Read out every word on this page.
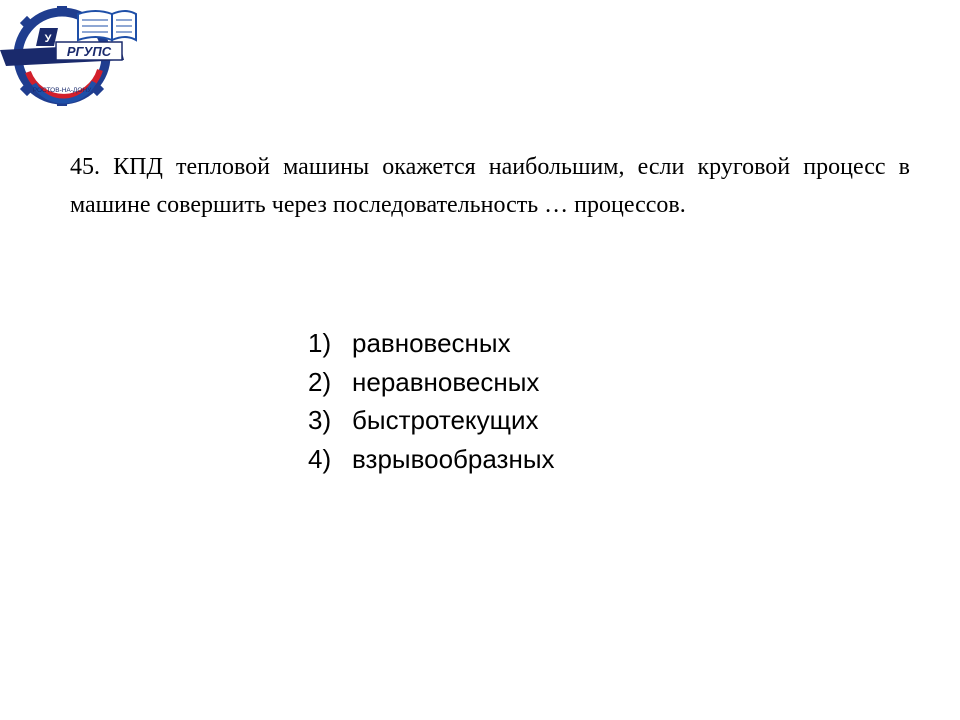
У
РГУПС
РОСТОВ-НА-ДОНУ
45. КПД тепловой машины окажется наибольшим, если круговой процесс в машине совершить через последовательность … процессов.
1) равновесных
2) неравновесных
3) быстротекущих
4) взрывообразных
